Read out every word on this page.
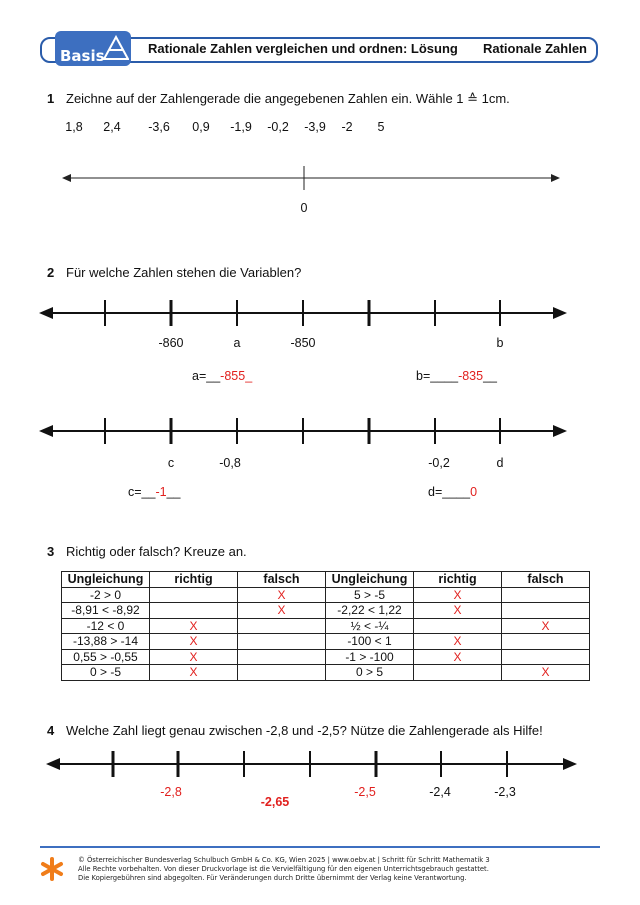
Basis	Rationale Zahlen vergleichen und ordnen: Lösung Rationale Zahlen
1 Zeichne auf der Zahlengerade die angegebenen Zahlen ein. Wähle 1 ≙ 1cm.
1,8 2,4 -3,6 0,9 -1,9 -0,2 -3,9 -2 5
0
2 Für welche Zahlen stehen die Variablen?
-860	a	-850	b
a=__-855_	b=____-835__
c	-0,8	-0,2	d
c=__-1__	d=____0
3 Richtig oder falsch? Kreuze an.
Ungleichung	richtig	falsch	Ungleichung	richtig	falsch
-2 > 0		X	5 > -5	X	
-8,91 < -8,92		X	-2,22 < 1,22	X	
-12 < 0	X		½ < -¼		X
-13,88 > -14	X		-100 < 1	X	
0,55 > -0,55	X		-1 > -100	X	
0 > -5	X		0 > 5		X
4 Welche Zahl liegt genau zwischen -2,8 und -2,5? Nütze die Zahlengerade als Hilfe!
-2,8	-2,5	-2,4	-2,3
-2,65
© Österreichischer Bundesverlag Schulbuch GmbH & Co. KG, Wien 2025 | www.oebv.at | Schritt für Schritt Mathematik 3
Alle Rechte vorbehalten. Von dieser Druckvorlage ist die Vervielfältigung für den eigenen Unterrichtsgebrauch gestattet.
Die Kopiergebühren sind abgegolten. Für Veränderungen durch Dritte übernimmt der Verlag keine Verantwortung.
